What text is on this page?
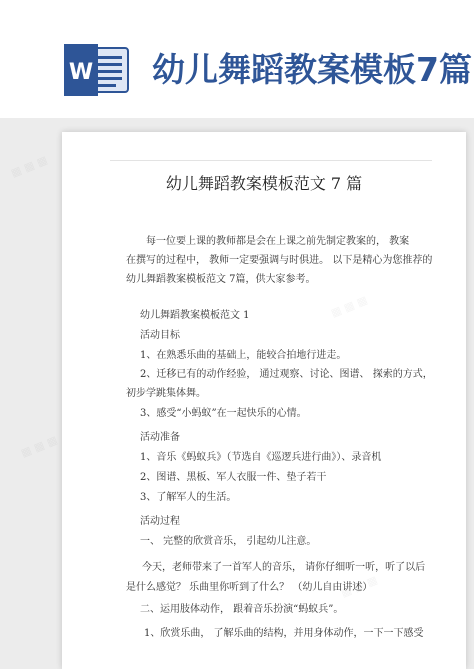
W 幼儿舞蹈教案模板7篇
幼儿舞蹈教案模板范文 7 篇
每一位要上课的教师都是会在上课之前先制定教案的， 教案
在撰写的过程中， 教师一定要强调与时俱进。 以下是精心为您推荐的
幼儿舞蹈教案模板范文 7篇，供大家参考。
幼儿舞蹈教案模板范文 1
活动目标
1、在熟悉乐曲的基础上，能较合拍地行进走。
2、迁移已有的动作经验， 通过观察、讨论、图谱、 探索的方式，
初步学跳集体舞。
3、感受“小蚂蚁”在一起快乐的心情。
活动准备
1、音乐《蚂蚁兵》（节选自《巡逻兵进行曲》）、录音机
2、图谱、黑板、军人衣服一件、垫子若干
3、了解军人的生活。
活动过程
一、 完整的欣赏音乐， 引起幼儿注意。
今天，老师带来了一首军人的音乐， 请你仔细听一听，听了以后
是什么感觉？ 乐曲里你听到了什么？ （幼儿自由讲述）
二、运用肢体动作， 跟着音乐扮演“蚂蚁兵”。
1、欣赏乐曲， 了解乐曲的结构，并用身体动作，一下一下感受
